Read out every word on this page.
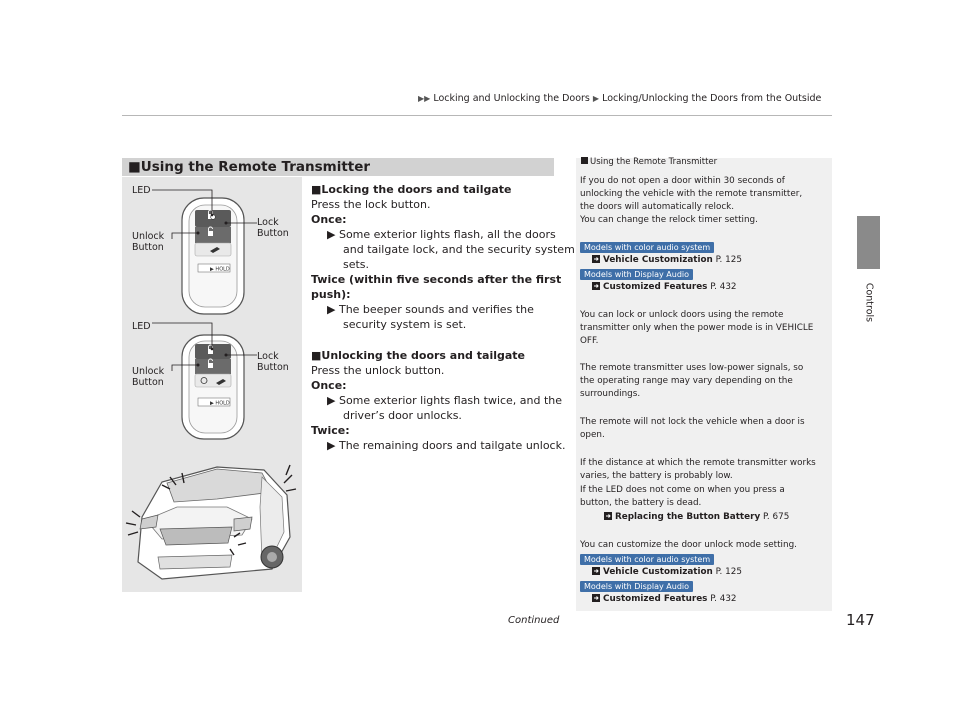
▶▶ Locking and Unlocking the Doors ▶ Locking/Unlocking the Doors from the Outside
Controls
■Using the Remote Transmitter
▶ HOLD
▶ HOLD
LED
Unlock
Button
Lock
Button
LED
Unlock
Button
Lock
Button
■Locking the doors and tailgate
Press the lock button.
Once:
▶ Some exterior lights flash, all the doors
and tailgate lock, and the security system
sets.
Twice (within five seconds after the first
push):
▶ The beeper sounds and verifies the
security system is set.
■Unlocking the doors and tailgate
Press the unlock button.
Once:
▶ Some exterior lights flash twice, and the
driver’s door unlocks.
Twice:
▶ The remaining doors and tailgate unlock.
Using the Remote Transmitter
If you do not open a door within 30 seconds of
unlocking the vehicle with the remote transmitter,
the doors will automatically relock.
You can change the relock timer setting.
Models with color audio system
Vehicle Customization P. 125
Models with Display Audio
Customized Features P. 432
You can lock or unlock doors using the remote
transmitter only when the power mode is in VEHICLE
OFF.
The remote transmitter uses low-power signals, so
the operating range may vary depending on the
surroundings.
The remote will not lock the vehicle when a door is
open.
If the distance at which the remote transmitter works
varies, the battery is probably low.
If the LED does not come on when you press a
button, the battery is dead.
Replacing the Button Battery P. 675
You can customize the door unlock mode setting.
Models with color audio system
Vehicle Customization P. 125
Models with Display Audio
Customized Features P. 432
Continued	147
